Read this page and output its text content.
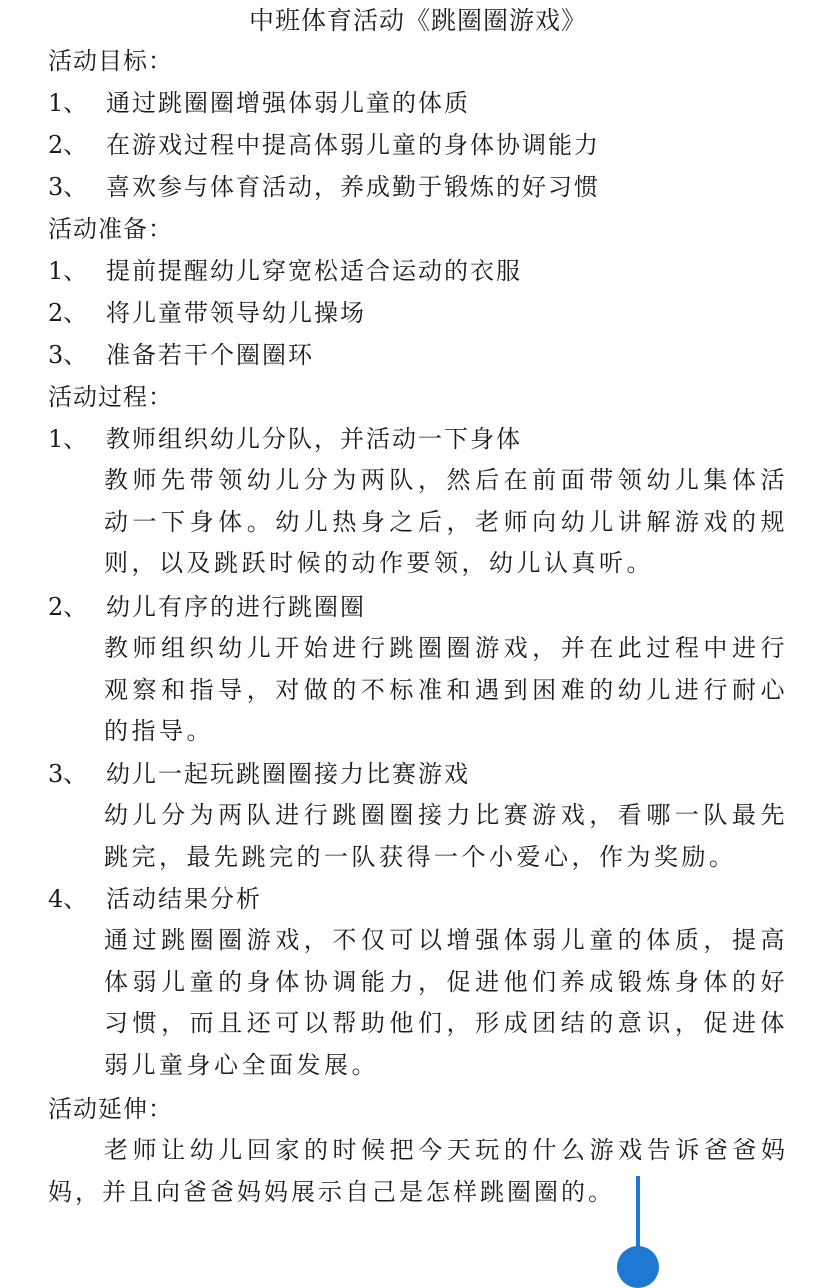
中班体育活动《跳圈圈游戏》
活动目标：
1、 通过跳圈圈增强体弱儿童的体质
2、 在游戏过程中提高体弱儿童的身体协调能力
3、 喜欢参与体育活动，养成勤于锻炼的好习惯
活动准备：
1、 提前提醒幼儿穿宽松适合运动的衣服
2、 将儿童带领导幼儿操场
3、 准备若干个圈圈环
活动过程：
1、 教师组织幼儿分队，并活动一下身体
教师先带领幼儿分为两队，然后在前面带领幼儿集体活动一下身体。幼儿热身之后，老师向幼儿讲解游戏的规则，以及跳跃时候的动作要领，幼儿认真听。
2、 幼儿有序的进行跳圈圈
教师组织幼儿开始进行跳圈圈游戏，并在此过程中进行观察和指导，对做的不标准和遇到困难的幼儿进行耐心的指导。
3、 幼儿一起玩跳圈圈接力比赛游戏
幼儿分为两队进行跳圈圈接力比赛游戏，看哪一队最先跳完，最先跳完的一队获得一个小爱心，作为奖励。
4、 活动结果分析
通过跳圈圈游戏，不仅可以增强体弱儿童的体质，提高体弱儿童的身体协调能力，促进他们养成锻炼身体的好习惯，而且还可以帮助他们，形成团结的意识，促进体弱儿童身心全面发展。
活动延伸：
老师让幼儿回家的时候把今天玩的什么游戏告诉爸爸妈妈，并且向爸爸妈妈展示自己是怎样跳圈圈的。
